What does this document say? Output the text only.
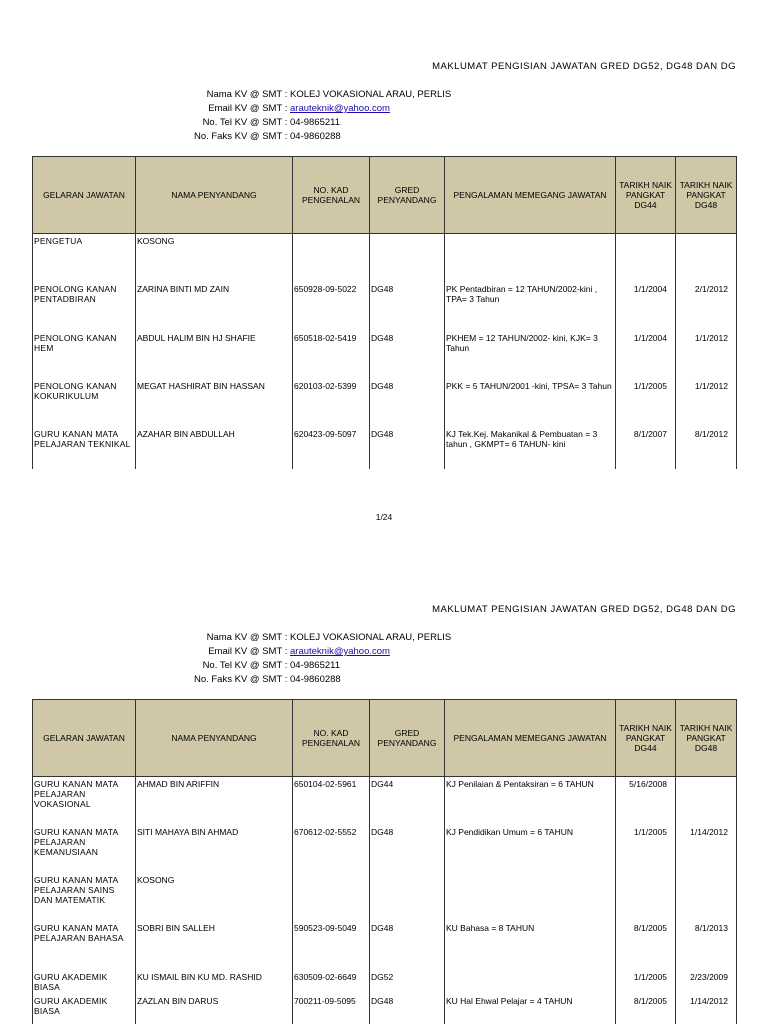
MAKLUMAT PENGISIAN JAWATAN GRED DG52, DG48 DAN DG
Nama KV @ SMT : KOLEJ VOKASIONAL ARAU, PERLIS
Email KV @ SMT : arauteknik@yahoo.com
No. Tel KV @ SMT : 04-9865211
No. Faks KV @ SMT : 04-9860288
GELARAN JAWATAN	NAMA PENYANDANG	NO. KAD PENGENALAN	GRED PENYANDANG	PENGALAMAN MEMEGANG JAWATAN	TARIKH NAIK PANGKAT DG44	TARIKH NAIK PANGKAT DG48
PENGETUA	KOSONG					
PENOLONG KANAN PENTADBIRAN	ZARINA BINTI MD ZAIN	650928-09-5022	DG48	PK Pentadbiran = 12 TAHUN/2002-kini , TPA= 3 Tahun	1/1/2004	2/1/2012
PENOLONG KANAN HEM	ABDUL HALIM BIN HJ SHAFIE	650518-02-5419	DG48	PKHEM = 12 TAHUN/2002- kini, KJK= 3 Tahun	1/1/2004	1/1/2012
PENOLONG KANAN KOKURIKULUM	MEGAT HASHIRAT BIN HASSAN	620103-02-5399	DG48	PKK = 5 TAHUN/2001 -kini, TPSA= 3 Tahun	1/1/2005	1/1/2012
GURU KANAN MATA PELAJARAN TEKNIKAL	AZAHAR BIN ABDULLAH	620423-09-5097	DG48	KJ Tek.Kej. Makanikal & Pembuatan = 3 tahun , GKMPT= 6 TAHUN- kini	8/1/2007	8/1/2012
1/24
MAKLUMAT PENGISIAN JAWATAN GRED DG52, DG48 DAN DG
Nama KV @ SMT : KOLEJ VOKASIONAL ARAU, PERLIS
Email KV @ SMT : arauteknik@yahoo.com
No. Tel KV @ SMT : 04-9865211
No. Faks KV @ SMT : 04-9860288
GELARAN JAWATAN	NAMA PENYANDANG	NO. KAD PENGENALAN	GRED PENYANDANG	PENGALAMAN MEMEGANG JAWATAN	TARIKH NAIK PANGKAT DG44	TARIKH NAIK PANGKAT DG48
GURU KANAN MATA PELAJARAN VOKASIONAL	AHMAD BIN ARIFFIN	650104-02-5961	DG44	KJ Penilaian & Pentaksiran = 6 TAHUN	5/16/2008	
GURU KANAN MATA PELAJARAN KEMANUSIAAN	SITI MAHAYA BIN AHMAD	670612-02-5552	DG48	KJ Pendidikan Umum = 6 TAHUN	1/1/2005	1/14/2012
GURU KANAN MATA PELAJARAN SAINS DAN MATEMATIK	KOSONG					
GURU KANAN MATA PELAJARAN BAHASA	SOBRI BIN SALLEH	590523-09-5049	DG48	KU Bahasa = 8 TAHUN	8/1/2005	8/1/2013
GURU AKADEMIK BIASA	KU ISMAIL BIN KU MD. RASHID	630509-02-6649	DG52		1/1/2005	2/23/2009
GURU AKADEMIK BIASA	ZAZLAN BIN DARUS	700211-09-5095	DG48	KU Hal Ehwal Pelajar = 4 TAHUN	8/1/2005	1/14/2012
